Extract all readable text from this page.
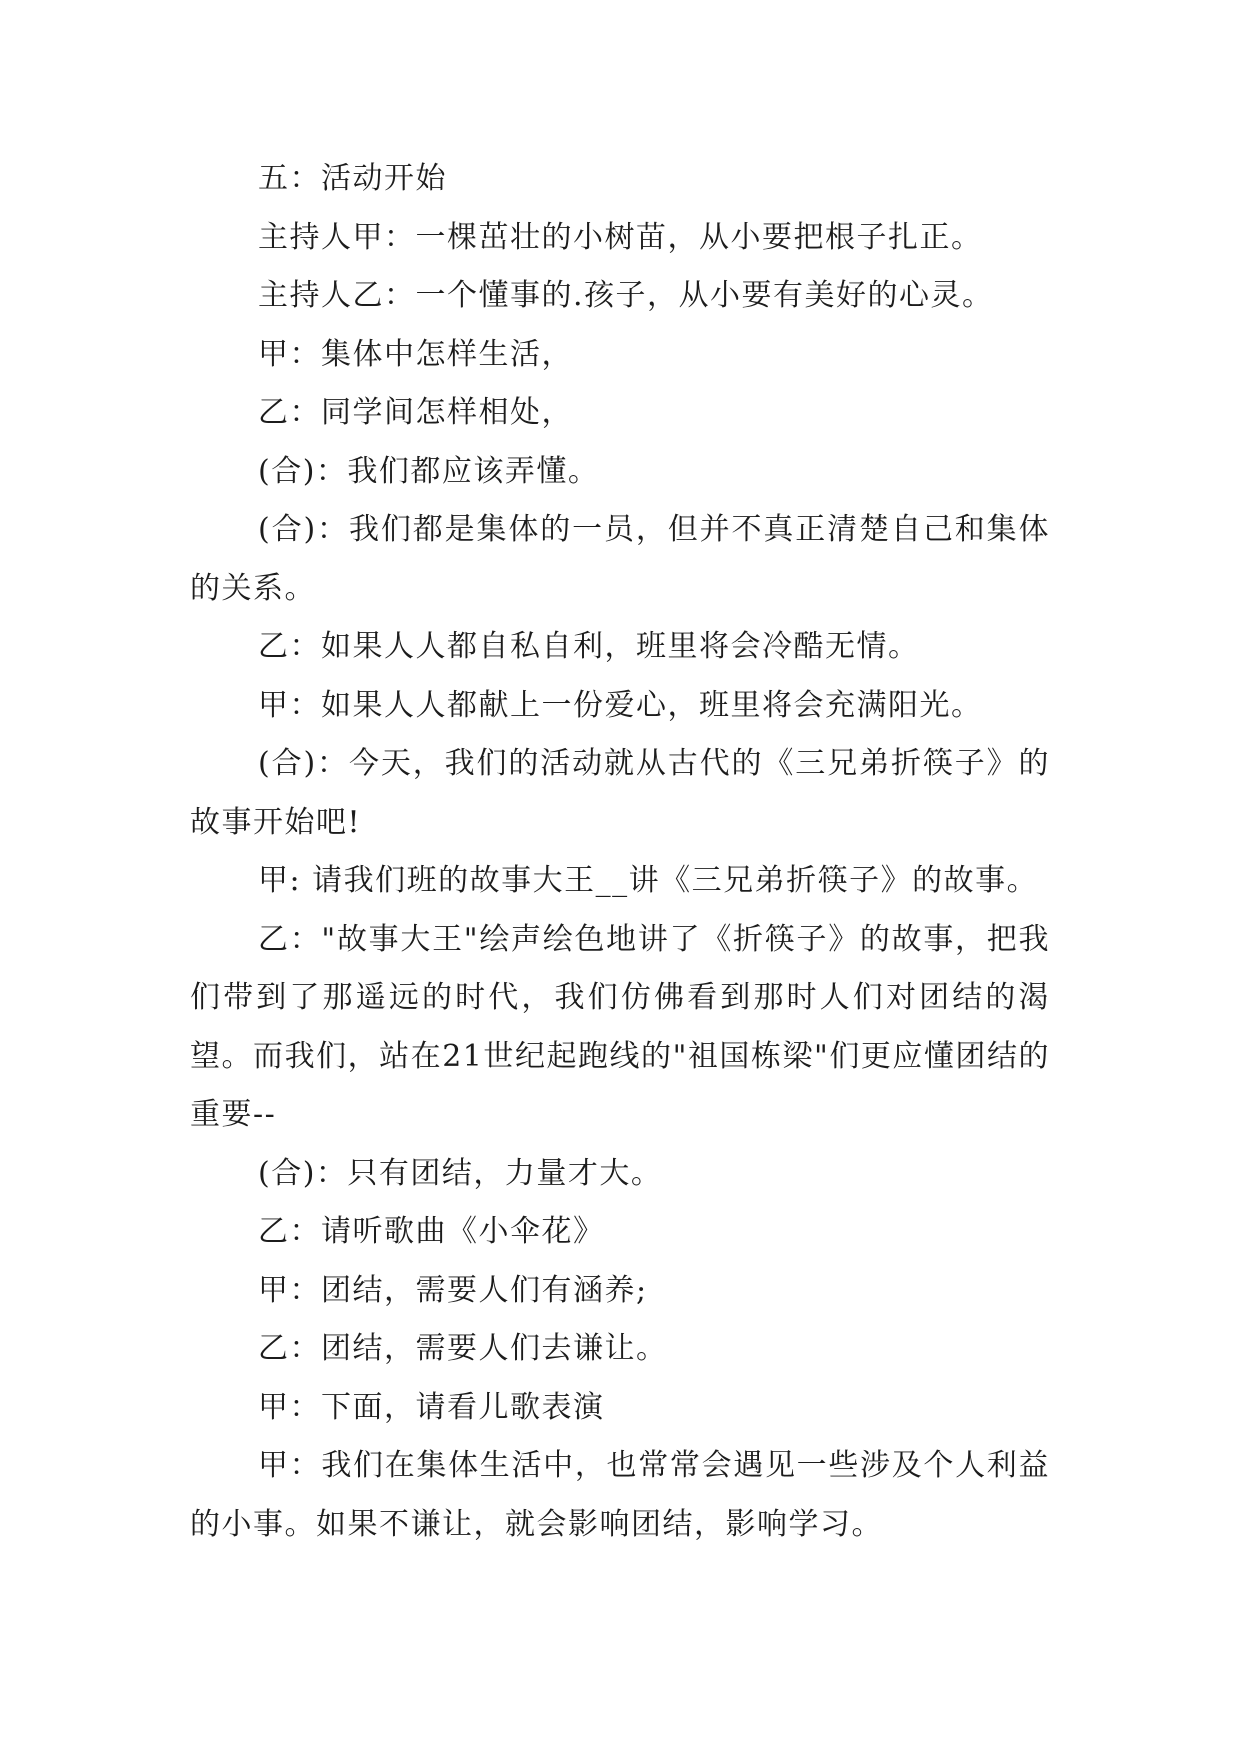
五：活动开始

主持人甲：一棵茁壮的小树苗，从小要把根子扎正。

主持人乙：一个懂事的.孩子，从小要有美好的心灵。

甲：集体中怎样生活，

乙：同学间怎样相处，

(合)：我们都应该弄懂。

(合)：我们都是集体的一员，但并不真正清楚自己和集体的关系。

乙：如果人人都自私自利，班里将会冷酷无情。

甲：如果人人都献上一份爱心，班里将会充满阳光。

(合)：今天，我们的活动就从古代的《三兄弟折筷子》的故事开始吧!

甲: 请我们班的故事大王__讲《三兄弟折筷子》的故事。

乙："故事大王"绘声绘色地讲了《折筷子》的故事，把我们带到了那遥远的时代，我们仿佛看到那时人们对团结的渴望。而我们，站在21世纪起跑线的"祖国栋梁"们更应懂团结的重要--

(合)：只有团结，力量才大。

乙：请听歌曲《小伞花》

甲：团结，需要人们有涵养;

乙：团结，需要人们去谦让。

甲：下面，请看儿歌表演

甲：我们在集体生活中，也常常会遇见一些涉及个人利益的小事。如果不谦让，就会影响团结，影响学习。
